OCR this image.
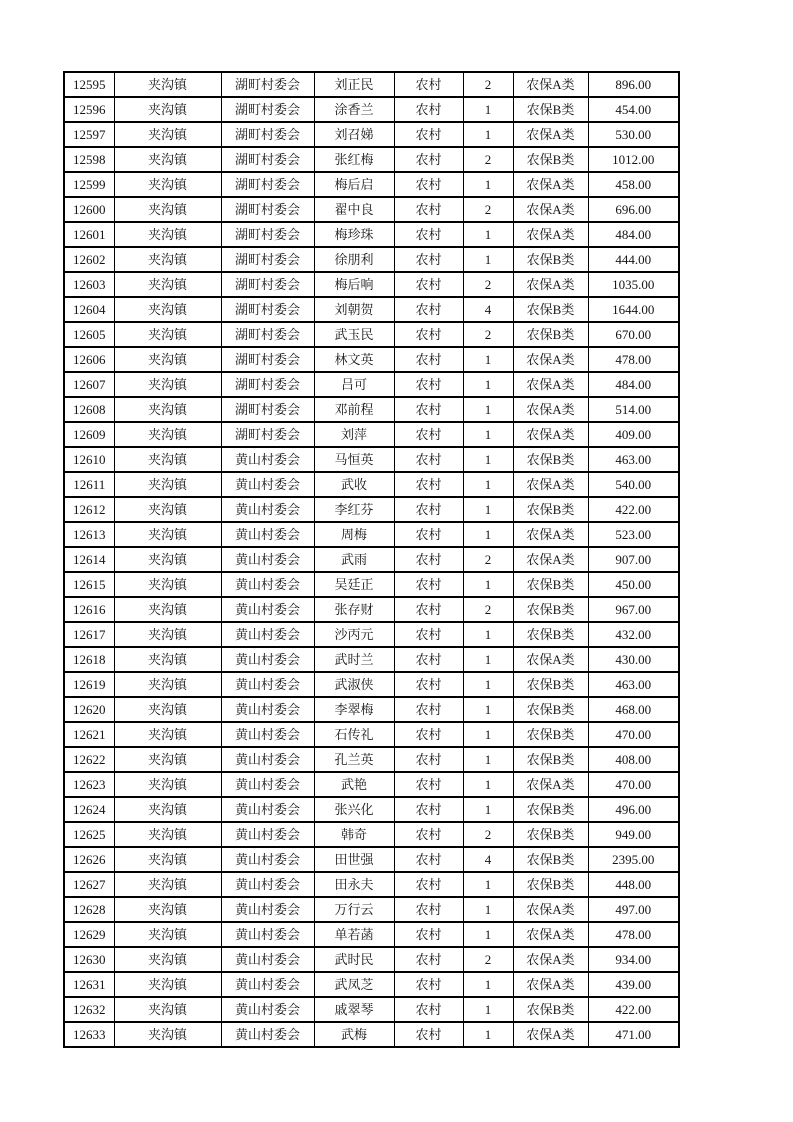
12595	夹沟镇	湖町村委会	刘正民	农村	2	农保A类	896.00
12596	夹沟镇	湖町村委会	涂香兰	农村	1	农保B类	454.00
12597	夹沟镇	湖町村委会	刘召娣	农村	1	农保A类	530.00
12598	夹沟镇	湖町村委会	张红梅	农村	2	农保B类	1012.00
12599	夹沟镇	湖町村委会	梅后启	农村	1	农保A类	458.00
12600	夹沟镇	湖町村委会	翟中良	农村	2	农保A类	696.00
12601	夹沟镇	湖町村委会	梅珍珠	农村	1	农保A类	484.00
12602	夹沟镇	湖町村委会	徐朋利	农村	1	农保B类	444.00
12603	夹沟镇	湖町村委会	梅后响	农村	2	农保A类	1035.00
12604	夹沟镇	湖町村委会	刘朝贺	农村	4	农保B类	1644.00
12605	夹沟镇	湖町村委会	武玉民	农村	2	农保B类	670.00
12606	夹沟镇	湖町村委会	林文英	农村	1	农保A类	478.00
12607	夹沟镇	湖町村委会	吕可	农村	1	农保A类	484.00
12608	夹沟镇	湖町村委会	邓前程	农村	1	农保A类	514.00
12609	夹沟镇	湖町村委会	刘萍	农村	1	农保A类	409.00
12610	夹沟镇	黄山村委会	马恒英	农村	1	农保B类	463.00
12611	夹沟镇	黄山村委会	武收	农村	1	农保A类	540.00
12612	夹沟镇	黄山村委会	李红芬	农村	1	农保B类	422.00
12613	夹沟镇	黄山村委会	周梅	农村	1	农保A类	523.00
12614	夹沟镇	黄山村委会	武雨	农村	2	农保A类	907.00
12615	夹沟镇	黄山村委会	吴廷正	农村	1	农保B类	450.00
12616	夹沟镇	黄山村委会	张存财	农村	2	农保B类	967.00
12617	夹沟镇	黄山村委会	沙丙元	农村	1	农保B类	432.00
12618	夹沟镇	黄山村委会	武时兰	农村	1	农保A类	430.00
12619	夹沟镇	黄山村委会	武淑侠	农村	1	农保B类	463.00
12620	夹沟镇	黄山村委会	李翠梅	农村	1	农保B类	468.00
12621	夹沟镇	黄山村委会	石传礼	农村	1	农保B类	470.00
12622	夹沟镇	黄山村委会	孔兰英	农村	1	农保B类	408.00
12623	夹沟镇	黄山村委会	武艳	农村	1	农保A类	470.00
12624	夹沟镇	黄山村委会	张兴化	农村	1	农保B类	496.00
12625	夹沟镇	黄山村委会	韩奇	农村	2	农保B类	949.00
12626	夹沟镇	黄山村委会	田世强	农村	4	农保B类	2395.00
12627	夹沟镇	黄山村委会	田永夫	农村	1	农保B类	448.00
12628	夹沟镇	黄山村委会	万行云	农村	1	农保A类	497.00
12629	夹沟镇	黄山村委会	单若菡	农村	1	农保A类	478.00
12630	夹沟镇	黄山村委会	武时民	农村	2	农保A类	934.00
12631	夹沟镇	黄山村委会	武凤芝	农村	1	农保A类	439.00
12632	夹沟镇	黄山村委会	戚翠琴	农村	1	农保B类	422.00
12633	夹沟镇	黄山村委会	武梅	农村	1	农保A类	471.00
